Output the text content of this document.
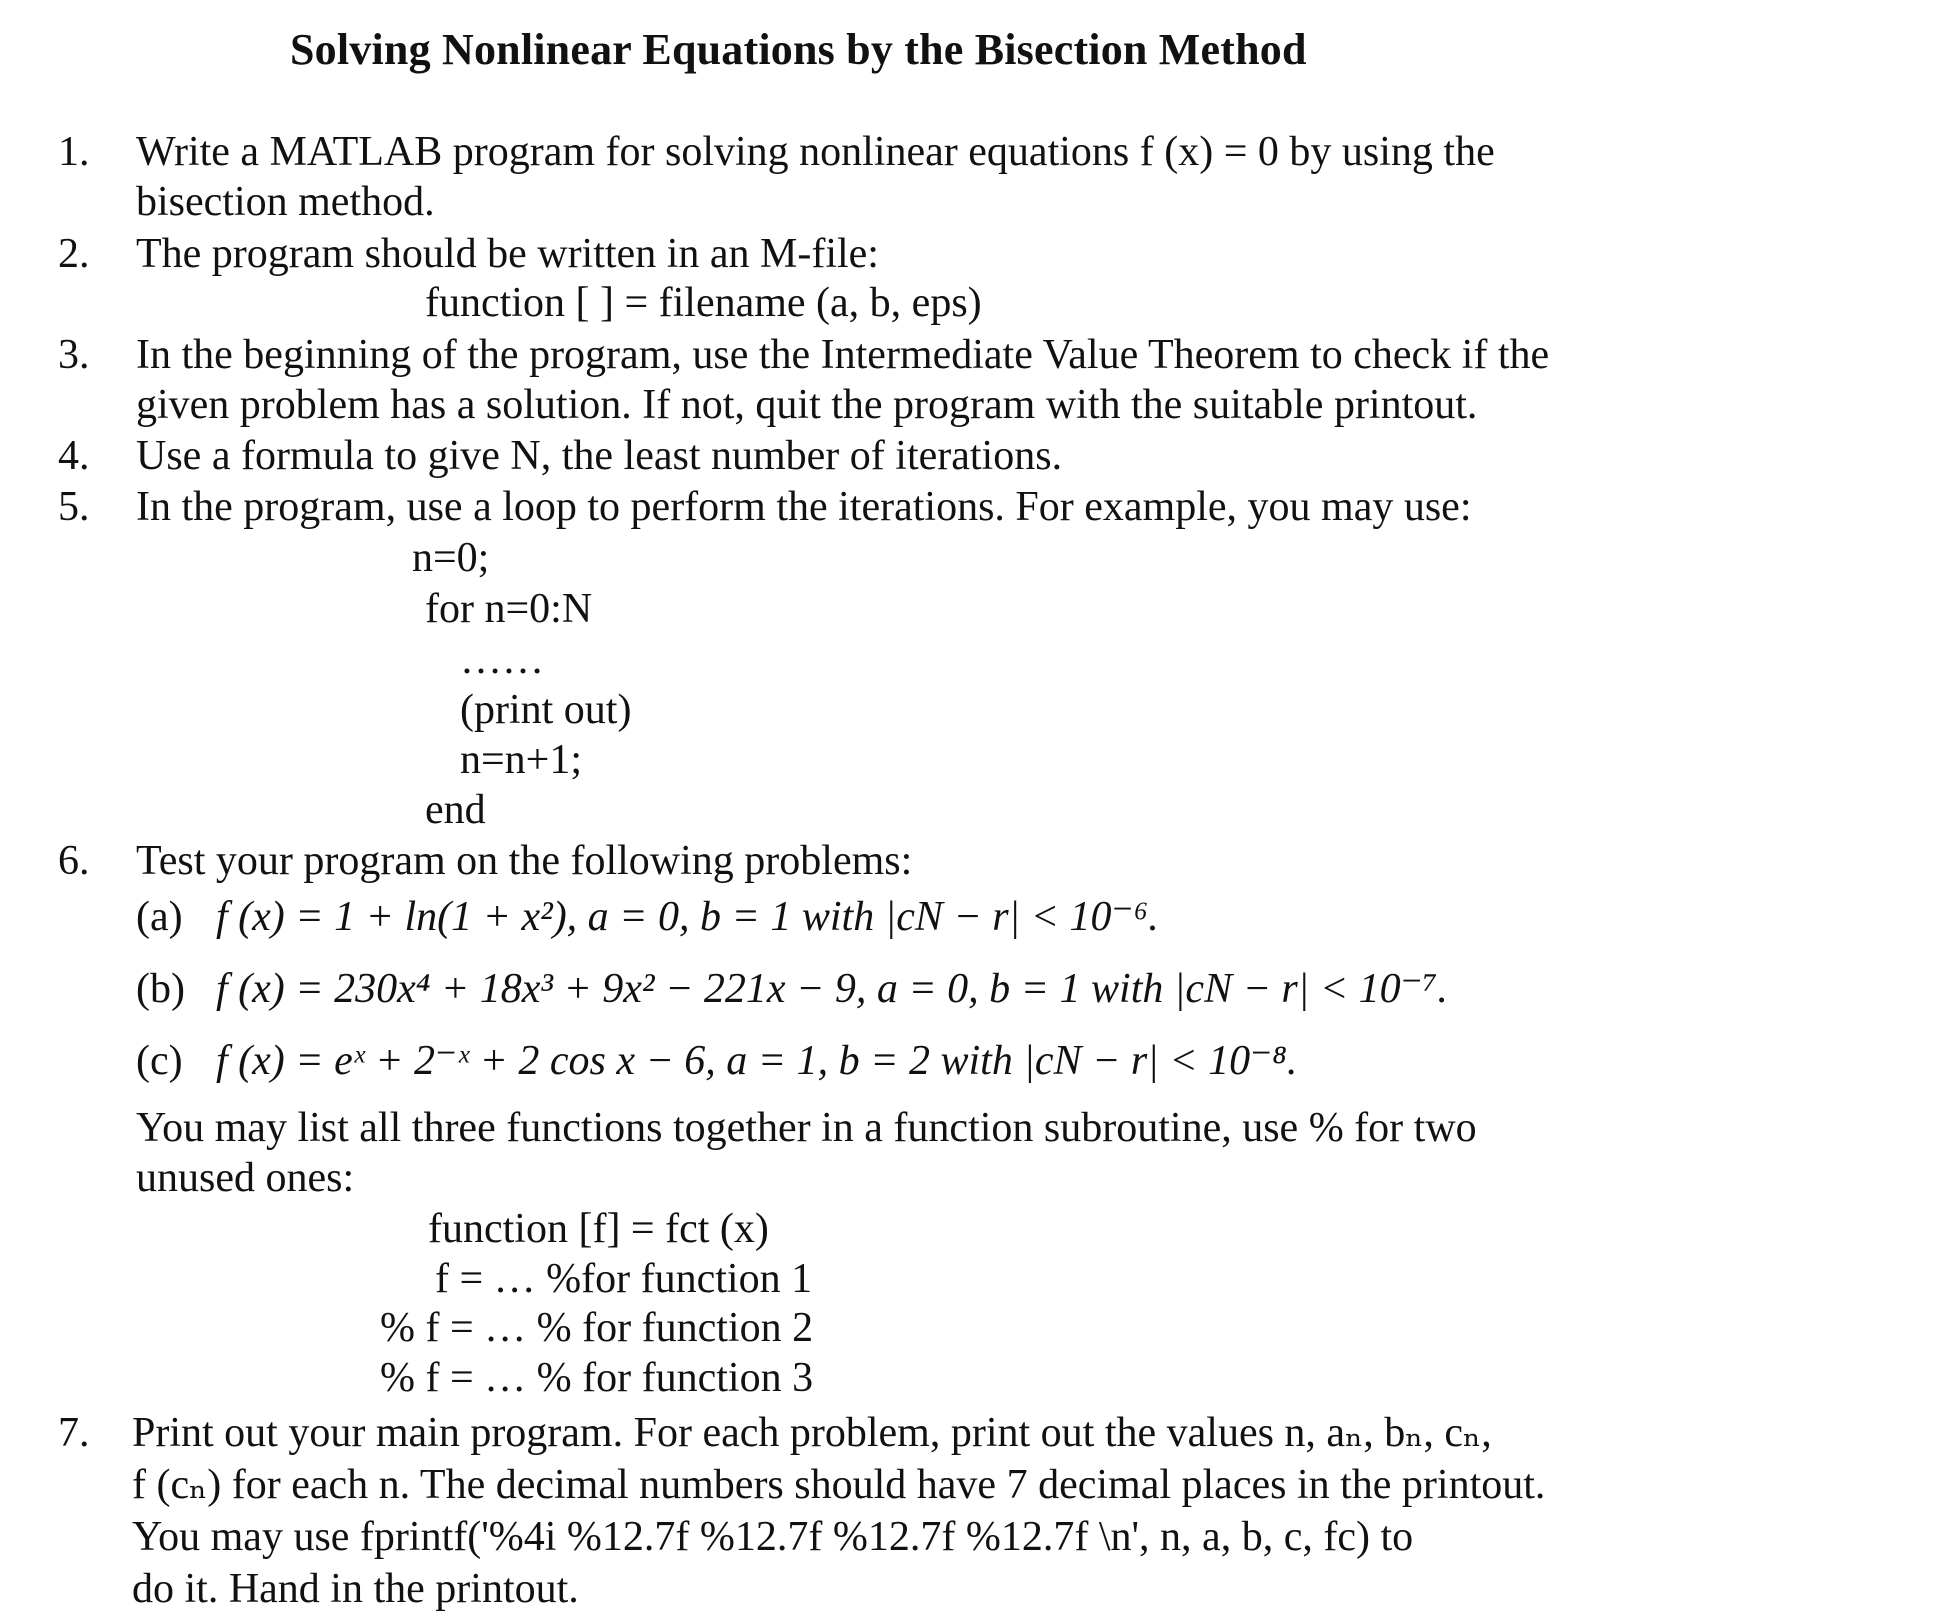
Solving Nonlinear Equations by the Bisection Method
1. Write a MATLAB program for solving nonlinear equations f (x) = 0 by using the
bisection method.
2. The program should be written in an M-file:
function [ ] = filename (a, b, eps)
3. In the beginning of the program, use the Intermediate Value Theorem to check if the
given problem has a solution. If not, quit the program with the suitable printout.
4. Use a formula to give N, the least number of iterations.
5. In the program, use a loop to perform the iterations. For example, you may use:
n=0;
for n=0:N
……
(print out)
n=n+1;
end
6. Test your program on the following problems:
(a) f (x) = 1 + ln(1 + x²), a = 0, b = 1 with |cN − r| < 10⁻⁶.
(b) f (x) = 230x⁴ + 18x³ + 9x² − 221x − 9, a = 0, b = 1 with |cN − r| < 10⁻⁷.
(c) f (x) = eˣ + 2⁻ˣ + 2 cos x − 6, a = 1, b = 2 with |cN − r| < 10⁻⁸.
You may list all three functions together in a function subroutine, use % for two
unused ones:
function [f] = fct (x)
f = … %for function 1
% f = … % for function 2
% f = … % for function 3
7. Print out your main program. For each problem, print out the values n, aₙ, bₙ, cₙ,
f (cₙ) for each n. The decimal numbers should have 7 decimal places in the printout.
You may use fprintf('%4i %12.7f %12.7f %12.7f %12.7f \n', n, a, b, c, fc) to
do it. Hand in the printout.
